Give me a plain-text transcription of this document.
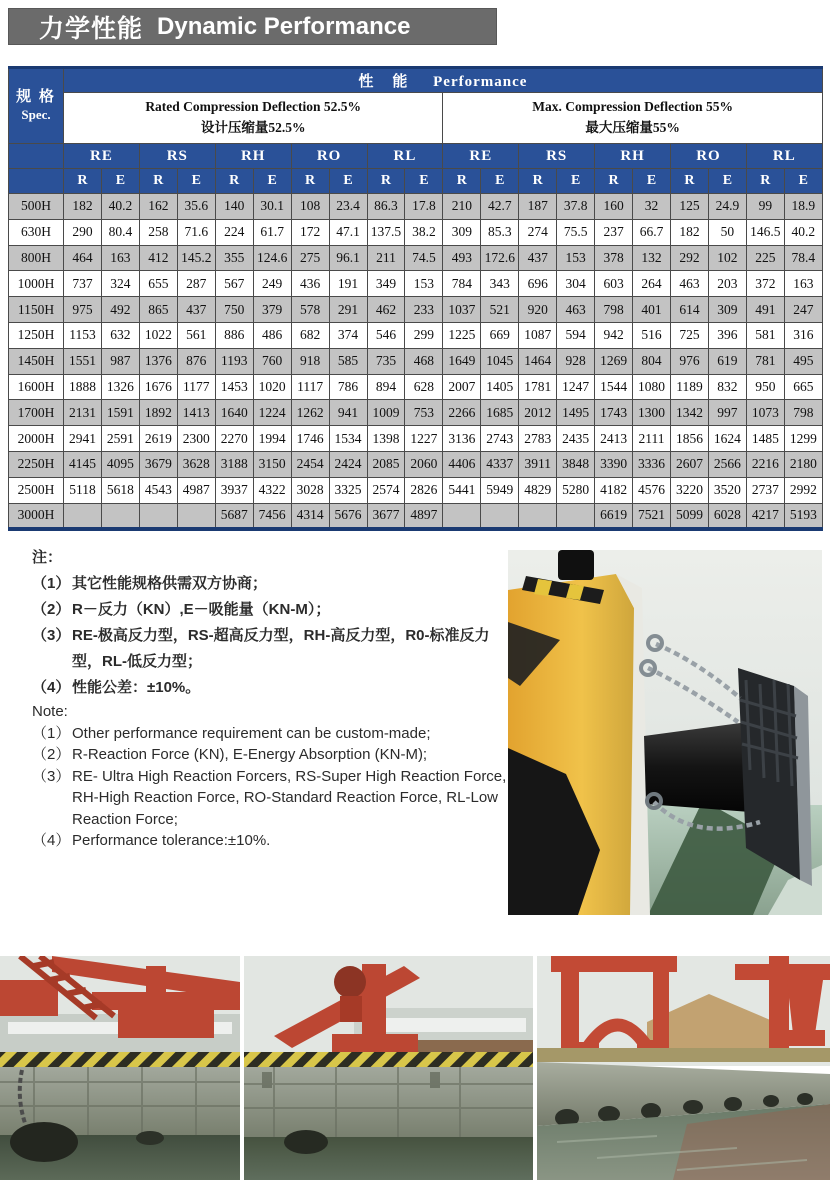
力学性能 Dynamic Performance
规 格
Spec.	性　能 Performance																			

Rated Compression Deflection 52.5%
设计压缩量52.5%

Max. Compression Deflection 55%
最大压缩量55%

	RE		RS		RH		RO		RL		RE		RS		RH		RO		RL	
	R	E	R	E	R	E	R	E	R	E	R	E	R	E	R	E	R	E	R	E
500H	182	40.2	162	35.6	140	30.1	108	23.4	86.3	17.8	210	42.7	187	37.8	160	32	125	24.9	99	18.9
630H	290	80.4	258	71.6	224	61.7	172	47.1	137.5	38.2	309	85.3	274	75.5	237	66.7	182	50	146.5	40.2
800H	464	163	412	145.2	355	124.6	275	96.1	211	74.5	493	172.6	437	153	378	132	292	102	225	78.4
1000H	737	324	655	287	567	249	436	191	349	153	784	343	696	304	603	264	463	203	372	163
1150H	975	492	865	437	750	379	578	291	462	233	1037	521	920	463	798	401	614	309	491	247
1250H	1153	632	1022	561	886	486	682	374	546	299	1225	669	1087	594	942	516	725	396	581	316
1450H	1551	987	1376	876	1193	760	918	585	735	468	1649	1045	1464	928	1269	804	976	619	781	495
1600H	1888	1326	1676	1177	1453	1020	1117	786	894	628	2007	1405	1781	1247	1544	1080	1189	832	950	665
1700H	2131	1591	1892	1413	1640	1224	1262	941	1009	753	2266	1685	2012	1495	1743	1300	1342	997	1073	798
2000H	2941	2591	2619	2300	2270	1994	1746	1534	1398	1227	3136	2743	2783	2435	2413	2111	1856	1624	1485	1299
2250H	4145	4095	3679	3628	3188	3150	2454	2424	2085	2060	4406	4337	3911	3848	3390	3336	2607	2566	2216	2180
2500H	5118	5618	4543	4987	3937	4322	3028	3325	2574	2826	5441	5949	4829	5280	4182	4576	3220	3520	2737	2992
3000H					5687	7456	4314	5676	3677	4897					6619	7521	5099	6028	4217	5193
注：
（1） 其它性能规格供需双方协商；
（2） R－反力（KN）,E－吸能量（KN-M）；
（3） RE-极高反力型，RS-超高反力型，RH-高反力型，R0-标准反力型，RL-低反力型；
（4） 性能公差：±10%。
Note:
（1） Other performance requirement can be custom-made;
（2） R-Reaction Force (KN), E-Energy Absorption (KN-M);
（3） RE- Ultra High Reaction Forcers, RS-Super High Reaction Force, RH-High Reaction Force, RO-Standard Reaction Force, RL-Low Reaction Force;
（4） Performance tolerance:±10%.
